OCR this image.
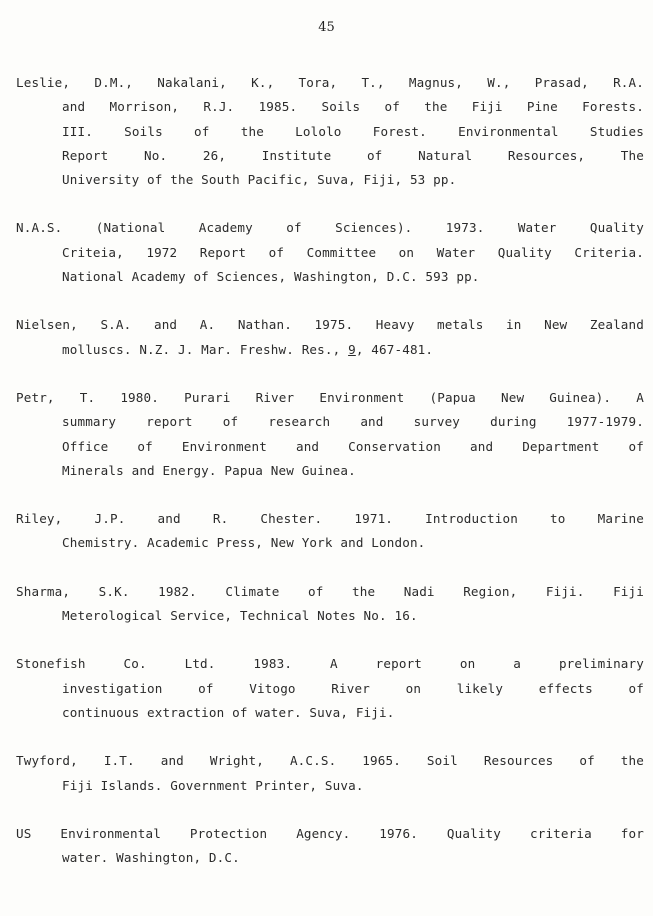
45
Leslie, D.M., Nakalani, K., Tora, T., Magnus, W., Prasad, R.A.
and Morrison, R.J. 1985. Soils of the Fiji Pine Forests.
III. Soils of the Lololo Forest. Environmental Studies
Report No. 26, Institute of Natural Resources, The
University of the South Pacific, Suva, Fiji, 53 pp.
N.A.S. (National Academy of Sciences). 1973. Water Quality
Criteia, 1972 Report of Committee on Water Quality Criteria.
National Academy of Sciences, Washington, D.C. 593 pp.
Nielsen, S.A. and A. Nathan. 1975. Heavy metals in New Zealand
molluscs. N.Z. J. Mar. Freshw. Res., 9, 467-481.
Petr, T. 1980. Purari River Environment (Papua New Guinea). A
summary report of research and survey during 1977-1979.
Office of Environment and Conservation and Department of
Minerals and Energy. Papua New Guinea.
Riley, J.P. and R. Chester. 1971. Introduction to Marine
Chemistry. Academic Press, New York and London.
Sharma, S.K. 1982. Climate of the Nadi Region, Fiji. Fiji
Meterological Service, Technical Notes No. 16.
Stonefish Co. Ltd. 1983. A report on a preliminary
investigation of Vitogo River on likely effects of
continuous extraction of water. Suva, Fiji.
Twyford, I.T. and Wright, A.C.S. 1965. Soil Resources of the
Fiji Islands. Government Printer, Suva.
US Environmental Protection Agency. 1976. Quality criteria for
water. Washington, D.C.
